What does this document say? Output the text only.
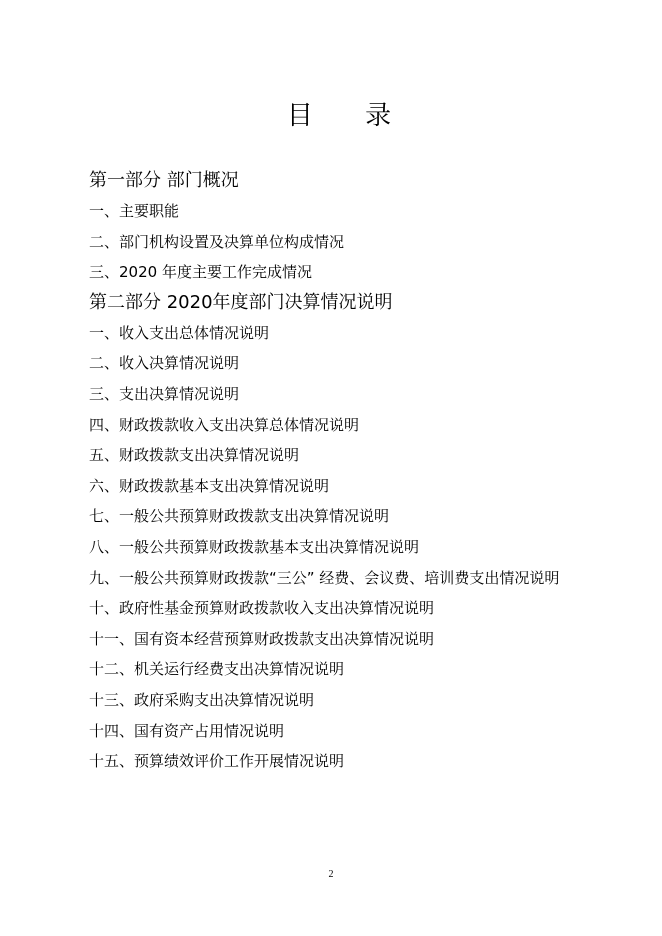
目 录
第一部分 部门概况
一、主要职能
二、部门机构设置及决算单位构成情况
三、2020 年度主要工作完成情况
第二部分 2020年度部门决算情况说明
一、收入支出总体情况说明
二、收入决算情况说明
三、支出决算情况说明
四、财政拨款收入支出决算总体情况说明
五、财政拨款支出决算情况说明
六、财政拨款基本支出决算情况说明
七、一般公共预算财政拨款支出决算情况说明
八、一般公共预算财政拨款基本支出决算情况说明
九、一般公共预算财政拨款“三公” 经费、会议费、培训费支出情况说明
十、政府性基金预算财政拨款收入支出决算情况说明
十一、国有资本经营预算财政拨款支出决算情况说明
十二、机关运行经费支出决算情况说明
十三、政府采购支出决算情况说明
十四、国有资产占用情况说明
十五、预算绩效评价工作开展情况说明
2
